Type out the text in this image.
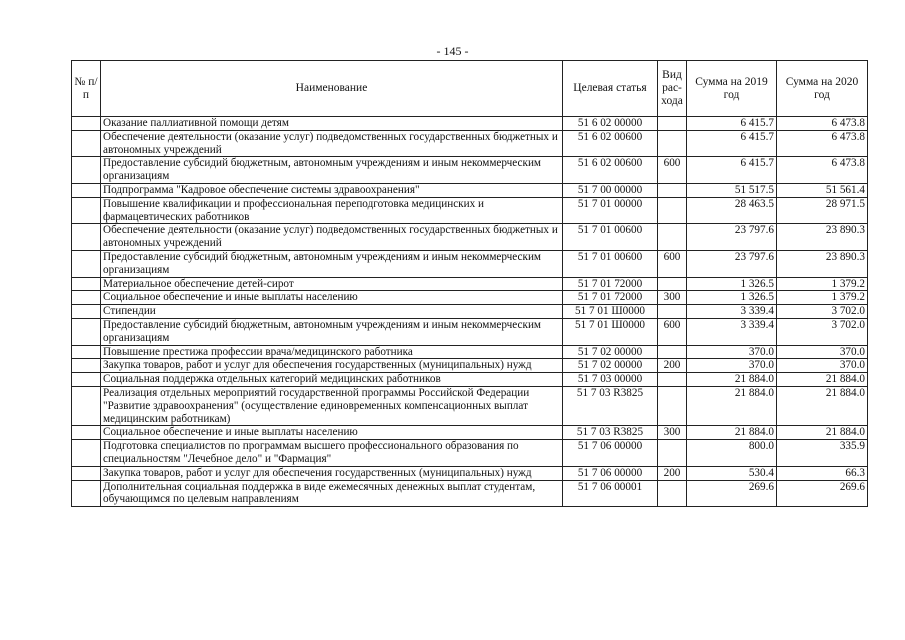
- 145 -
№ п/п	Наименование	Целевая статья	Вид рас-хода	Сумма на 2019 год	Сумма на 2020 год
	Оказание паллиативной помощи детям	51 6 02 00000		6 415.7	6 473.8
	Обеспечение деятельности (оказание услуг) подведомственных государственных бюджетных и автономных учреждений	51 6 02 00600		6 415.7	6 473.8
	Предоставление субсидий бюджетным, автономным учреждениям и иным некоммерческим организациям	51 6 02 00600	600	6 415.7	6 473.8
	Подпрограмма "Кадровое обеспечение системы здравоохранения"	51 7 00 00000		51 517.5	51 561.4
	Повышение квалификации и профессиональная переподготовка медицинских и фармацевтических работников	51 7 01 00000		28 463.5	28 971.5
	Обеспечение деятельности (оказание услуг) подведомственных государственных бюджетных и автономных учреждений	51 7 01 00600		23 797.6	23 890.3
	Предоставление субсидий бюджетным, автономным учреждениям и иным некоммерческим организациям	51 7 01 00600	600	23 797.6	23 890.3
	Материальное обеспечение детей-сирот	51 7 01 72000		1 326.5	1 379.2
	Социальное обеспечение и иные выплаты населению	51 7 01 72000	300	1 326.5	1 379.2
	Стипендии	51 7 01 Ш0000		3 339.4	3 702.0
	Предоставление субсидий бюджетным, автономным учреждениям и иным некоммерческим организациям	51 7 01 Ш0000	600	3 339.4	3 702.0
	Повышение престижа профессии врача/медицинского работника	51 7 02 00000		370.0	370.0
	Закупка товаров, работ и услуг для обеспечения государственных (муниципальных) нужд	51 7 02 00000	200	370.0	370.0
	Социальная поддержка отдельных категорий медицинских работников	51 7 03 00000		21 884.0	21 884.0
	Реализация отдельных мероприятий государственной программы Российской Федерации "Развитие здравоохранения" (осуществление единовременных компенсационных выплат медицинским работникам)	51 7 03 R3825		21 884.0	21 884.0
	Социальное обеспечение и иные выплаты населению	51 7 03 R3825	300	21 884.0	21 884.0
	Подготовка специалистов по программам высшего профессионального образования по специальностям "Лечебное дело" и "Фармация"	51 7 06 00000		800.0	335.9
	Закупка товаров, работ и услуг для обеспечения государственных (муниципальных) нужд	51 7 06 00000	200	530.4	66.3
	Дополнительная социальная поддержка в виде ежемесячных денежных выплат студентам, обучающимся по целевым направлениям	51 7 06 00001		269.6	269.6
